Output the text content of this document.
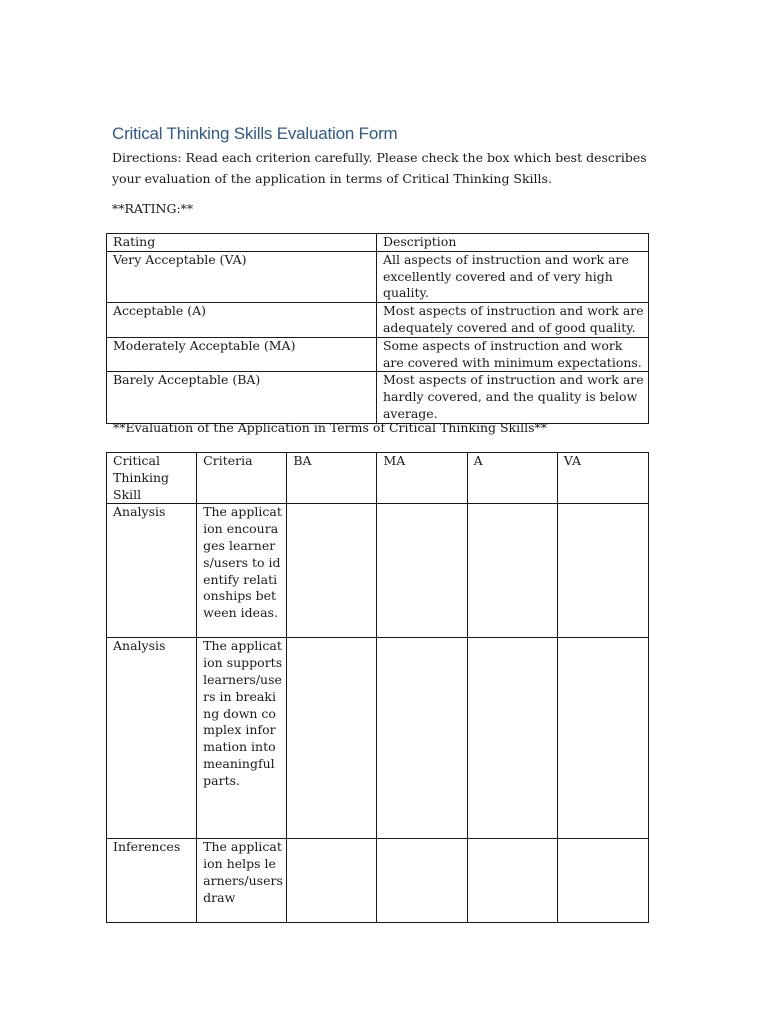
Critical Thinking Skills Evaluation Form
Directions: Read each criterion carefully. Please check the box which best describes your evaluation of the application in terms of Critical Thinking Skills.
**RATING:**
Rating	Description
Very Acceptable (VA)	All aspects of instruction and work are excellently covered and of very high quality.
Acceptable (A)	Most aspects of instruction and work are adequately covered and of good quality.
Moderately Acceptable (MA)	Some aspects of instruction and work are covered with minimum expectations.
Barely Acceptable (BA)	Most aspects of instruction and work are hardly covered, and the quality is below average.
**Evaluation of the Application in Terms of Critical Thinking Skills**
Critical Thinking Skill	Criteria	BA	MA	A	VA
Analysis	The application encourages learners/users to identify relationships between ideas.				
Analysis	The application supports learners/users in breaking down complex information into meaningful parts.				
Inferences	The application helps learners/users draw				
